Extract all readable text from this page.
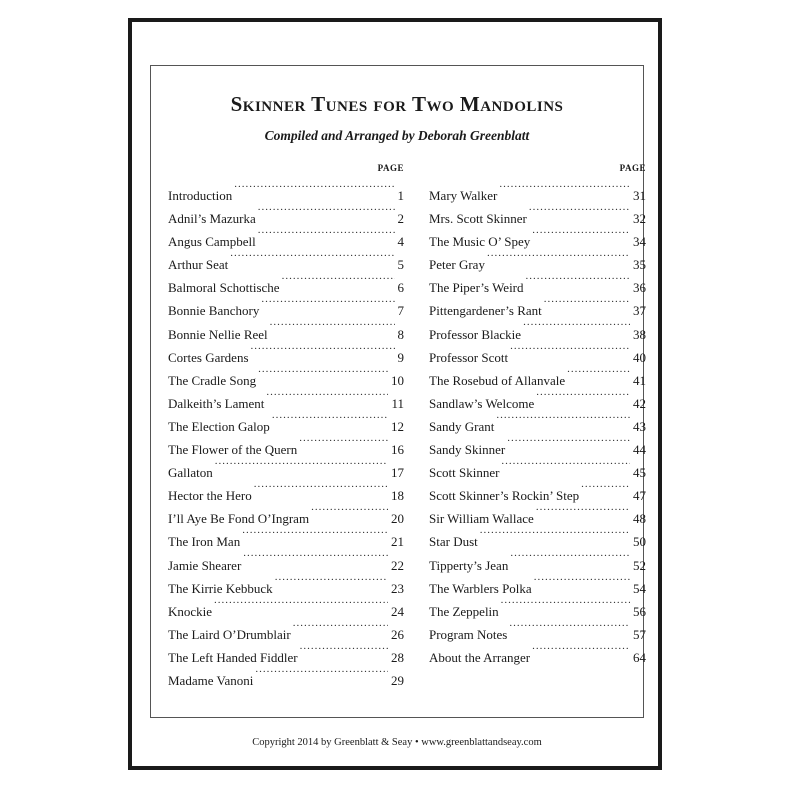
Skinner Tunes for Two Mandolins

Compiled and Arranged by Deborah Greenblatt

PAGE
Introduction .....	1
Adnil’s Mazurka .....	2
Angus Campbell .....	4
Arthur Seat .....	5
Balmoral Schottische .....	6
Bonnie Banchory .....	7
Bonnie Nellie Reel .....	8
Cortes Gardens .....	9
The Cradle Song .....	10
Dalkeith’s Lament .....	11
The Election Galop .....	12
The Flower of the Quern .....	16
Gallaton .....	17
Hector the Hero .....	18
I’ll Aye Be Fond O’Ingram .....	20
The Iron Man .....	21
Jamie Shearer .....	22
The Kirrie Kebbuck .....	23
Knockie .....	24
The Laird O’Drumblair .....	26
The Left Handed Fiddler .....	28
Madame Vanoni .....	29
PAGE
Mary Walker .....	31
Mrs. Scott Skinner .....	32
The Music O’ Spey .....	34
Peter Gray .....	35
The Piper’s Weird .....	36
Pittengardener’s Rant .....	37
Professor Blackie .....	38
Professor Scott .....	40
The Rosebud of Allanvale .....	41
Sandlaw’s Welcome .....	42
Sandy Grant .....	43
Sandy Skinner .....	44
Scott Skinner .....	45
Scott Skinner’s Rockin’ Step .....	47
Sir William Wallace .....	48
Star Dust .....	50
Tipperty’s Jean .....	52
The Warblers Polka .....	54
The Zeppelin .....	56
Program Notes .....	57
About the Arranger .....	64

Copyright 2014 by Greenblatt & Seay • www.greenblattandseay.com
